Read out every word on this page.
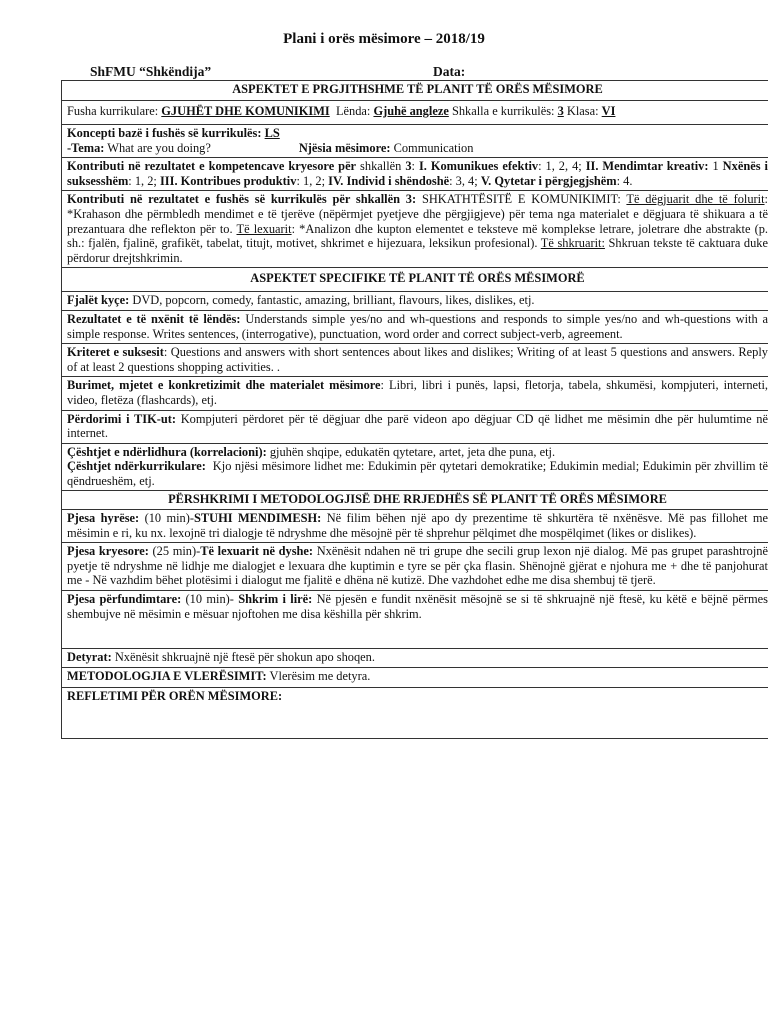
Plani i orës mësimore – 2018/19
ShFMU “Shkëndija”	Data:
ASPEKTET E PRGJITHSHME TË PLANIT TË ORËS MËSIMORE
Fusha kurrikulare: GJUHËT DHE KOMUNIKIMI Lënda: Gjuhë angleze Shkalla e kurrikulës: 3 Klasa: VI
Koncepti bazë i fushës së kurrikulës: LS
-Tema: What are you doing?	Njësia mësimore: Communication
Kontributi në rezultatet e kompetencave kryesore për shkallën 3: I. Komunikues efektiv: 1, 2, 4; II. Mendimtar kreativ: 1 Nxënës i suksesshëm: 1, 2; III. Kontribues produktiv: 1, 2; IV. Individ i shëndoshë: 3, 4; V. Qytetar i përgjegjshëm: 4.
Kontributi në rezultatet e fushës së kurrikulës për shkallën 3: SHKATHTËSITË E KOMUNIKIMIT: Të dëgjuarit dhe të folurit: *Krahason dhe përmbledh mendimet e të tjerëve (nëpërmjet pyetjeve dhe përgjigjeve) për tema nga materialet e dëgjuara të shikuara a të prezantuara dhe reflekton për to. Të lexuarit: *Analizon dhe kupton elementet e teksteve më komplekse letrare, joletrare dhe abstrakte (p. sh.: fjalën, fjalinë, grafikët, tabelat, titujt, motivet, shkrimet e hijezuara, leksikun profesional). Të shkruarit: Shkruan tekste të caktuara duke përdorur drejtshkrimin.
ASPEKTET SPECIFIKE TË PLANIT TË ORËS MËSIMORË
Fjalët kyçe: DVD, popcorn, comedy, fantastic, amazing, brilliant, flavours, likes, dislikes, etj.
Rezultatet e të nxënit të lëndës: Understands simple yes/no and wh-questions and responds to simple yes/no and wh-questions with a simple response. Writes sentences, (interrogative), punctuation, word order and correct subject-verb, agreement.
Kriteret e suksesit: Questions and answers with short sentences about likes and dislikes; Writing of at least 5 questions and answers. Reply of at least 2 questions shopping activities. .
Burimet, mjetet e konkretizimit dhe materialet mësimore: Libri, libri i punës, lapsi, fletorja, tabela, shkumësi, kompjuteri, interneti, video, fletëza (flashcards), etj.
Përdorimi i TIK-ut: Kompjuteri përdoret për të dëgjuar dhe parë videon apo dëgjuar CD që lidhet me mësimin dhe për hulumtime në internet.
Çështjet e ndërlidhura (korrelacioni): gjuhën shqipe, edukatën qytetare, artet, jeta dhe puna, etj.
Çështjet ndërkurrikulare: Kjo njësi mësimore lidhet me: Edukimin për qytetari demokratike; Edukimin medial; Edukimin për zhvillim të qëndrueshëm, etj.
PËRSHKRIMI I METODOLOGJISË DHE RRJEDHËS SË PLANIT TË ORËS MËSIMORE
Pjesa hyrëse: (10 min)-STUHI MENDIMESH: Në filim bëhen një apo dy prezentime të shkurtëra të nxënësve. Më pas fillohet me mësimin e ri, ku nx. lexojnë tri dialogje të ndryshme dhe mësojnë për të shprehur pëlqimet dhe mospëlqimet (likes or dislikes).
Pjesa kryesore: (25 min)-Të lexuarit në dyshe: Nxënësit ndahen në tri grupe dhe secili grup lexon një dialog. Më pas grupet parashtrojnë pyetje të ndryshme në lidhje me dialogjet e lexuara dhe kuptimin e tyre se për çka flasin. Shënojnë gjërat e njohura me + dhe të panjohurat me - Në vazhdim bëhet plotësimi i dialogut me fjalitë e dhëna në kutizë. Dhe vazhdohet edhe me disa shembuj të tjerë.
Pjesa përfundimtare: (10 min)- Shkrim i lirë: Në pjesën e fundit nxënësit mësojnë se si të shkruajnë një ftesë, ku këtë e bëjnë përmes shembujve në mësimin e mësuar njoftohen me disa këshilla për shkrim.
Detyrat: Nxënësit shkruajnë një ftesë për shokun apo shoqen.
METODOLOGJIA E VLERËSIMIT: Vlerësim me detyra.
REFLETIMI PËR ORËN MËSIMORE:
